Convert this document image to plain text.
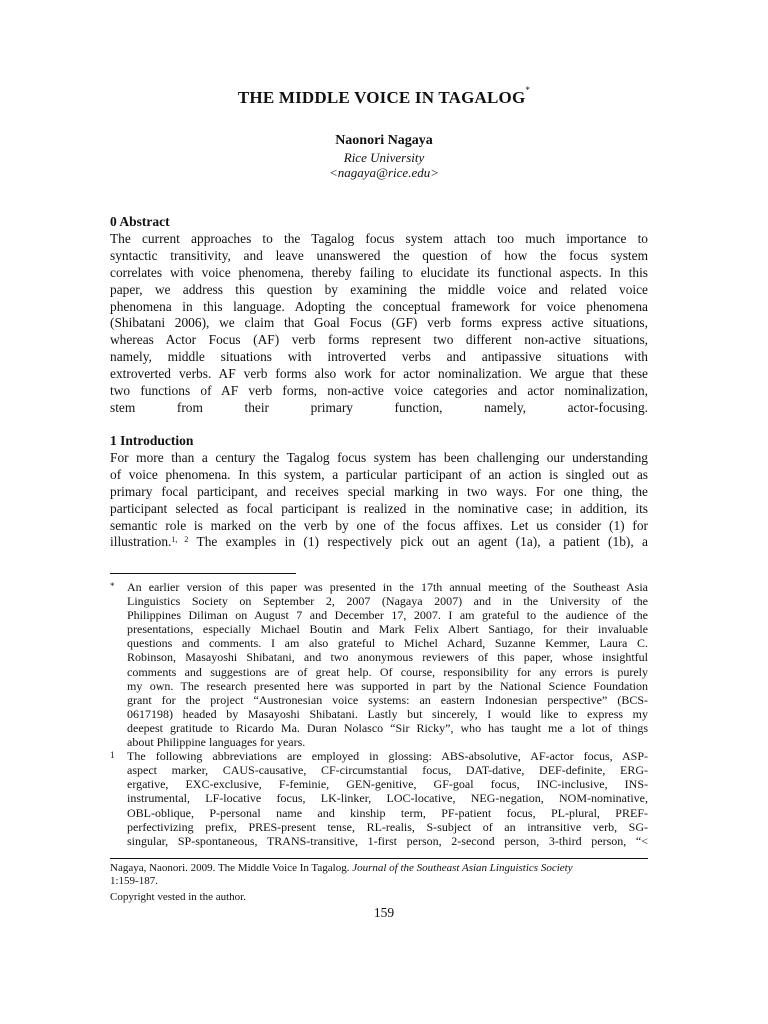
THE MIDDLE VOICE IN TAGALOG*
Naonori Nagaya
Rice University
<nagaya@rice.edu>
0 Abstract
The current approaches to the Tagalog focus system attach too much importance to
syntactic transitivity, and leave unanswered the question of how the focus system
correlates with voice phenomena, thereby failing to elucidate its functional aspects. In this
paper, we address this question by examining the middle voice and related voice
phenomena in this language. Adopting the conceptual framework for voice phenomena
(Shibatani 2006), we claim that Goal Focus (GF) verb forms express active situations,
whereas Actor Focus (AF) verb forms represent two different non-active situations,
namely, middle situations with introverted verbs and antipassive situations with
extroverted verbs. AF verb forms also work for actor nominalization. We argue that these
two functions of AF verb forms, non-active voice categories and actor nominalization,
stem from their primary function, namely, actor-focusing.
1 Introduction
For more than a century the Tagalog focus system has been challenging our understanding
of voice phenomena. In this system, a particular participant of an action is singled out as
primary focal participant, and receives special marking in two ways. For one thing, the
participant selected as focal participant is realized in the nominative case; in addition, its
semantic role is marked on the verb by one of the focus affixes. Let us consider (1) for
illustration.$^{1, 2}$ The examples in (1) respectively pick out an agent (1a), a patient (1b), a
* An earlier version of this paper was presented in the 17th annual meeting of the Southeast Asia
Linguistics Society on September 2, 2007 (Nagaya 2007) and in the University of the
Philippines Diliman on August 7 and December 17, 2007. I am grateful to the audience of the
presentations, especially Michael Boutin and Mark Felix Albert Santiago, for their invaluable
questions and comments. I am also grateful to Michel Achard, Suzanne Kemmer, Laura C.
Robinson, Masayoshi Shibatani, and two anonymous reviewers of this paper, whose insightful
comments and suggestions are of great help. Of course, responsibility for any errors is purely
my own. The research presented here was supported in part by the National Science Foundation
grant for the project “Austronesian voice systems: an eastern Indonesian perspective” (BCS-
0617198) headed by Masayoshi Shibatani. Lastly but sincerely, I would like to express my
deepest gratitude to Ricardo Ma. Duran Nolasco “Sir Ricky”, who has taught me a lot of things
about Philippine languages for years.
1 The following abbreviations are employed in glossing: ABS-absolutive, AF-actor focus, ASP-
aspect marker, CAUS-causative, CF-circumstantial focus, DAT-dative, DEF-definite, ERG-
ergative, EXC-exclusive, F-feminie, GEN-genitive, GF-goal focus, INC-inclusive, INS-
instrumental, LF-locative focus, LK-linker, LOC-locative, NEG-negation, NOM-nominative,
OBL-oblique, P-personal name and kinship term, PF-patient focus, PL-plural, PREF-
perfectivizing prefix, PRES-present tense, RL-realis, S-subject of an intransitive verb, SG-
singular, SP-spontaneous, TRANS-transitive, 1-first person, 2-second person, 3-third person, “<
Nagaya, Naonori. 2009. The Middle Voice In Tagalog. Journal of the Southeast Asian Linguistics Society
1:159-187.
Copyright vested in the author.
159
